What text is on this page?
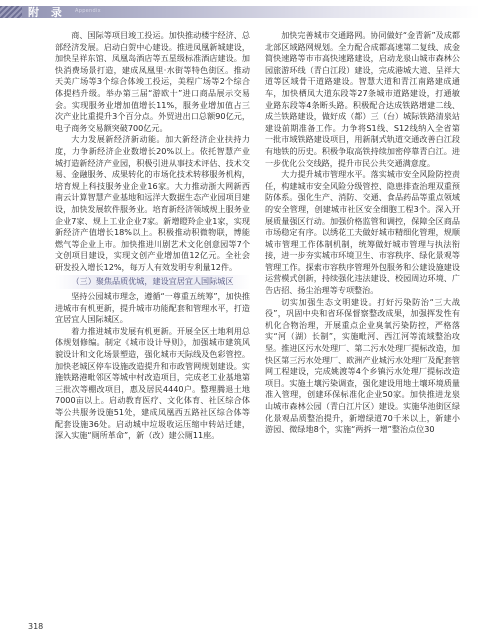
附 录 Appendix

商、国际等项目竣工投运。加快推动楼宇经济、总部经济发展。启动白贺中心建设。推进凤凰新城建设，加快呈祥东馆、凤凰岛酒店等五星级标准酒店建设。加快消费场景打造，建成凤凰里·水街等特色街区。推动天美广场等3个综合体竣工投运，美程广场等2个综合体提档升级。举办第三届“游欧十”进口商品展示交易会。实现服务业增加值增长11%，服务业增加值占三次产业比重提升3个百分点。外贸进出口总额90亿元，电子商务交易额突破700亿元。

大力发展新经济新动能。加大新经济企业扶持力度，力争新经济企业数增长20%以上。依托智慧产业城打造新经济产业园，积极引进从事技术评估、技术交易、金融服务、成果转化的市场化技术转移服务机构，培育规上科技服务业企业16家。大力推动浙大网新西南云计算智慧产业基地和远洋大数据生态产业园项目建设，加快发展软件服务业。培育新经济领域规上服务业企业7家、规上工业企业7家。新增瞪羚企业1家，实现新经济产值增长18%以上。积极推动积微物联，博能燃气等企业上市。加快推进川剧艺术文化创意园等7个文创项目建设，实现文创产业增加值12亿元。全社会研发投入增长12%，每万人有效发明专利量12件。

（三）聚焦品质优城，建设宜居宜人国际城区

坚持公园城市理念，遵循“一尊重五统筹”，加快推进城市有机更新，提升城市功能配套和管理水平，打造宜居宜人国际城区。

着力推进城市发展有机更新。开展全区土地利用总体规划修编。制定《城市设计导则》，加强城市建筑风貌设计和文化场景塑造，强化城市天际线及色彩管控。加快老城区停车设施改造提升和市政管网规划建设。实施铁路港毗邻区等城中村改造项目，完成老工业基地第三批次等棚改项目，惠及居民4440户。整理腾退土地7000亩以上。启动教育医疗、文化体育、社区综合体等公共服务设施51处，建成凤凰西五路社区综合体等配套设施36处。启动城中垃圾收运压缩中转站迁建，深入实施“厕所革命”，新（改）建公厕11座。

加快完善城市交通路网。协同做好“金青新”及成都北部区域路网规划。全力配合成都高速第二复线、成金简快速路等市市高快速路建设，启动龙泉山城市森林公园旅游环线（青白江段）建设，完成港城大道、呈祥大道等区域骨干道路建设。智慧大道和青江南路建成通车，加快栖凤大道东段等27条城市道路建设，打通敏业路东段等4条断头路。积极配合达成铁路增建二线、成兰铁路建设，做好成（都）三（台）城际铁路清泉站建设前期准备工作。力争将S1线、S12线纳入全省第一批市域铁路建设项目，用新制式轨道交通改善白江段有地铁的历史。积极争取高铁持续加密停靠青白江。进一步优化公交线路，提升市民公共交通满意度。

大力提升城市管理水平。落实城市安全风险防控责任，构建城市安全风险分级管控、隐患排查治理双重预防体系。强化生产、消防、交通、食品药品等重点领域的安全管理，创建城市社区安全细胞工程3个。深入开展质量强区行动。加强价格监管和调控，保障全区商品市场稳定有序。以绣花工夫做好城市精细化管理，规顺城市管理工作体制机制，统筹做好城市管理与执法衔接，进一步夯实城市环境卫生、市容秩序、绿化景观等管理工作。探索市容秩序管理外包服务和公建设施建设运营模式创新，持续强化违法建设、校园周边环境、广告店招、扬尘治理等专项整治。

切实加强生态文明建设。打好污染防治“三大战役”，巩固中央和省环保督察整改成果，加强挥发性有机化合物治理，开展重点企业臭氧污染防控，严格落实“河（湖）长制”，实施毗河、西江河等流域整治攻坚。推进区污水处理厂、第二污水处理厂提标改造，加快区第三污水处理厂、欧洲产业城污水处理厂及配套管网工程建设，完成姚渡等4个乡镇污水处理厂提标改造项目。实施土壤污染调查，强化建设用地土壤环境质量准入管理，创建环保标准化企业50家。加快推进龙泉山城市森林公园（青白江片区）建设。实施华池街区绿化景观品质整治提升，新增绿道70千米以上，新建小游园、微绿地8个，实施“两拆一增”整治点位30

318
